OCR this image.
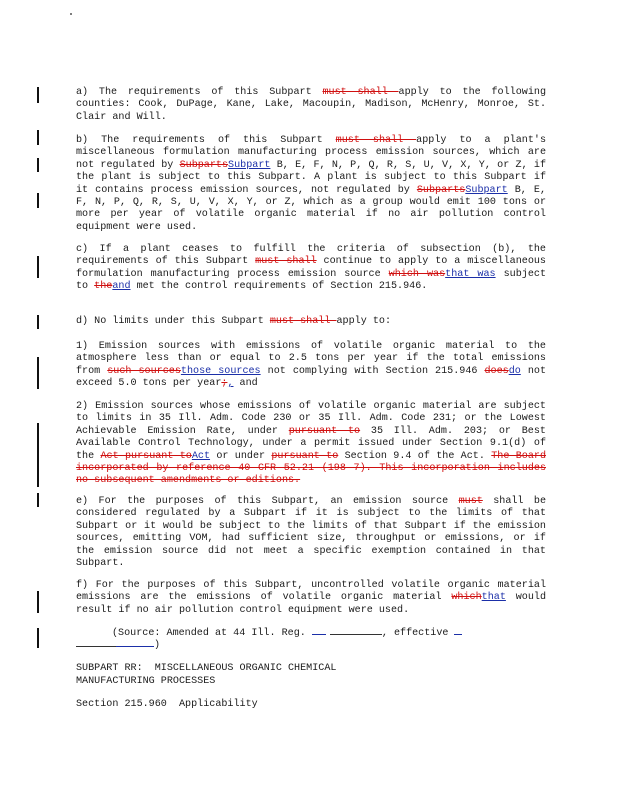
a) The requirements of this Subpart must shall apply to the following counties: Cook, DuPage, Kane, Lake, Macoupin, Madison, McHenry, Monroe, St. Clair and Will.

b) The requirements of this Subpart must shall apply to a plant's miscellaneous formulation manufacturing process emission sources, which are not regulated by SubpartsSubpart B, E, F, N, P, Q, R, S, U, V, X, Y, or Z, if the plant is subject to this Subpart. A plant is subject to this Subpart if it contains process emission sources, not regulated by SubpartsSubpart B, E, F, N, P, Q, R, S, U, V, X, Y, or Z, which as a group would emit 100 tons or more per year of volatile organic material if no air pollution control equipment were used.

c) If a plant ceases to fulfill the criteria of subsection (b), the requirements of this Subpart must shall continue to apply to a miscellaneous formulation manufacturing process emission source which wasthat was subject to theand met the control requirements of Section 215.946.

d) No limits under this Subpart must shall apply to:

1) Emission sources with emissions of volatile organic material to the atmosphere less than or equal to 2.5 tons per year if the total emissions from such sourcesthose sources not complying with Section 215.946 doesdo not exceed 5.0 tons per year;, and

2) Emission sources whose emissions of volatile organic material are subject to limits in 35 Ill. Adm. Code 230 or 35 Ill. Adm. Code 231; or the Lowest Achievable Emission Rate, under pursuant to 35 Ill. Adm. 203; or Best Available Control Technology, under a permit issued under Section 9.1(d) of the Act pursuant toAct or under pursuant to Section 9.4 of the Act. The Board incorporated by reference 40 CFR 52.21 (198 7). This incorporation includes no subsequent amendments or editions.

e) For the purposes of this Subpart, an emission source must shall be considered regulated by a Subpart if it is subject to the limits of that Subpart or it would be subject to the limits of that Subpart if the emission sources, emitting VOM, had sufficient size, throughput or emissions, or if the emission source did not meet a specific exemption contained in that Subpart.

f) For the purposes of this Subpart, uncontrolled volatile organic material emissions are the emissions of volatile organic material whichthat would result if no air pollution control equipment were used.

(Source: Amended at 44 Ill. Reg.	, effective
)

SUBPART RR:  MISCELLANEOUS ORGANIC CHEMICAL

MANUFACTURING PROCESSES

Section 215.960  Applicability
